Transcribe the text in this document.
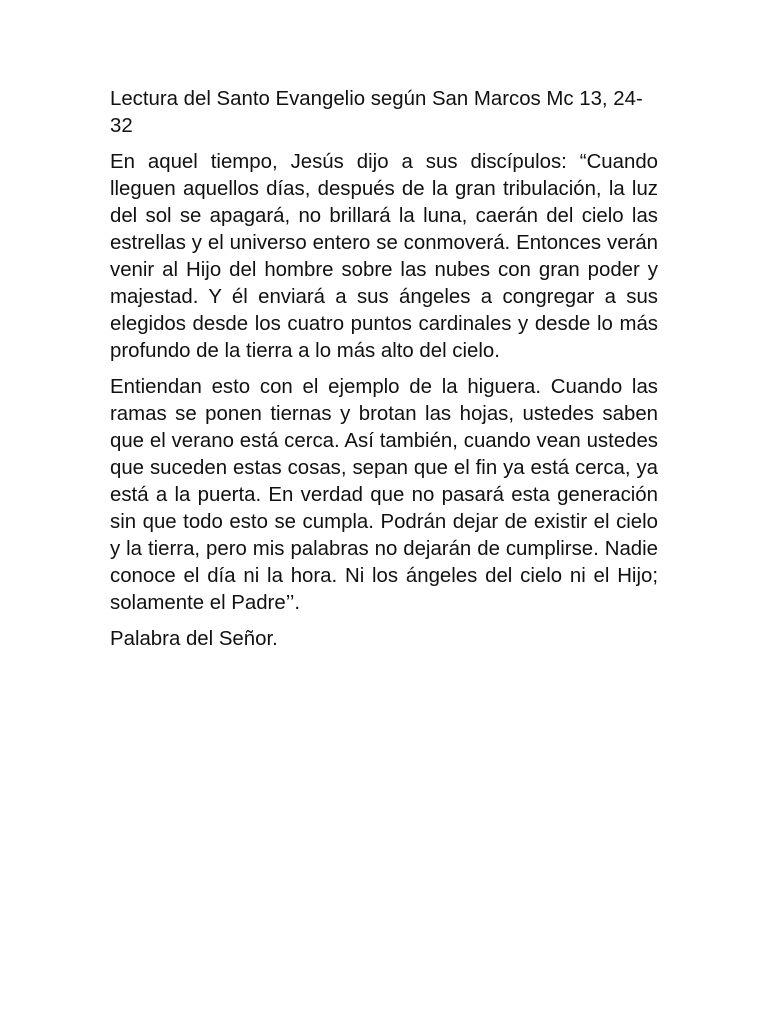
Lectura del Santo Evangelio según San Marcos Mc 13, 24-32

En aquel tiempo, Jesús dijo a sus discípulos: “Cuando lleguen aquellos días, después de la gran tribulación, la luz del sol se apagará, no brillará la luna, caerán del cielo las estrellas y el universo entero se conmoverá. Entonces verán venir al Hijo del hombre sobre las nubes con gran poder y majestad. Y él enviará a sus ángeles a congregar a sus elegidos desde los cuatro puntos cardinales y desde lo más profundo de la tierra a lo más alto del cielo.

Entiendan esto con el ejemplo de la higuera. Cuando las ramas se ponen tiernas y brotan las hojas, ustedes saben que el verano está cerca. Así también, cuando vean ustedes que suceden estas cosas, sepan que el fin ya está cerca, ya está a la puerta. En verdad que no pasará esta generación sin que todo esto se cumpla. Podrán dejar de existir el cielo y la tierra, pero mis palabras no dejarán de cumplirse. Nadie conoce el día ni la hora. Ni los ángeles del cielo ni el Hijo; solamente el Padre’’.

Palabra del Señor.
